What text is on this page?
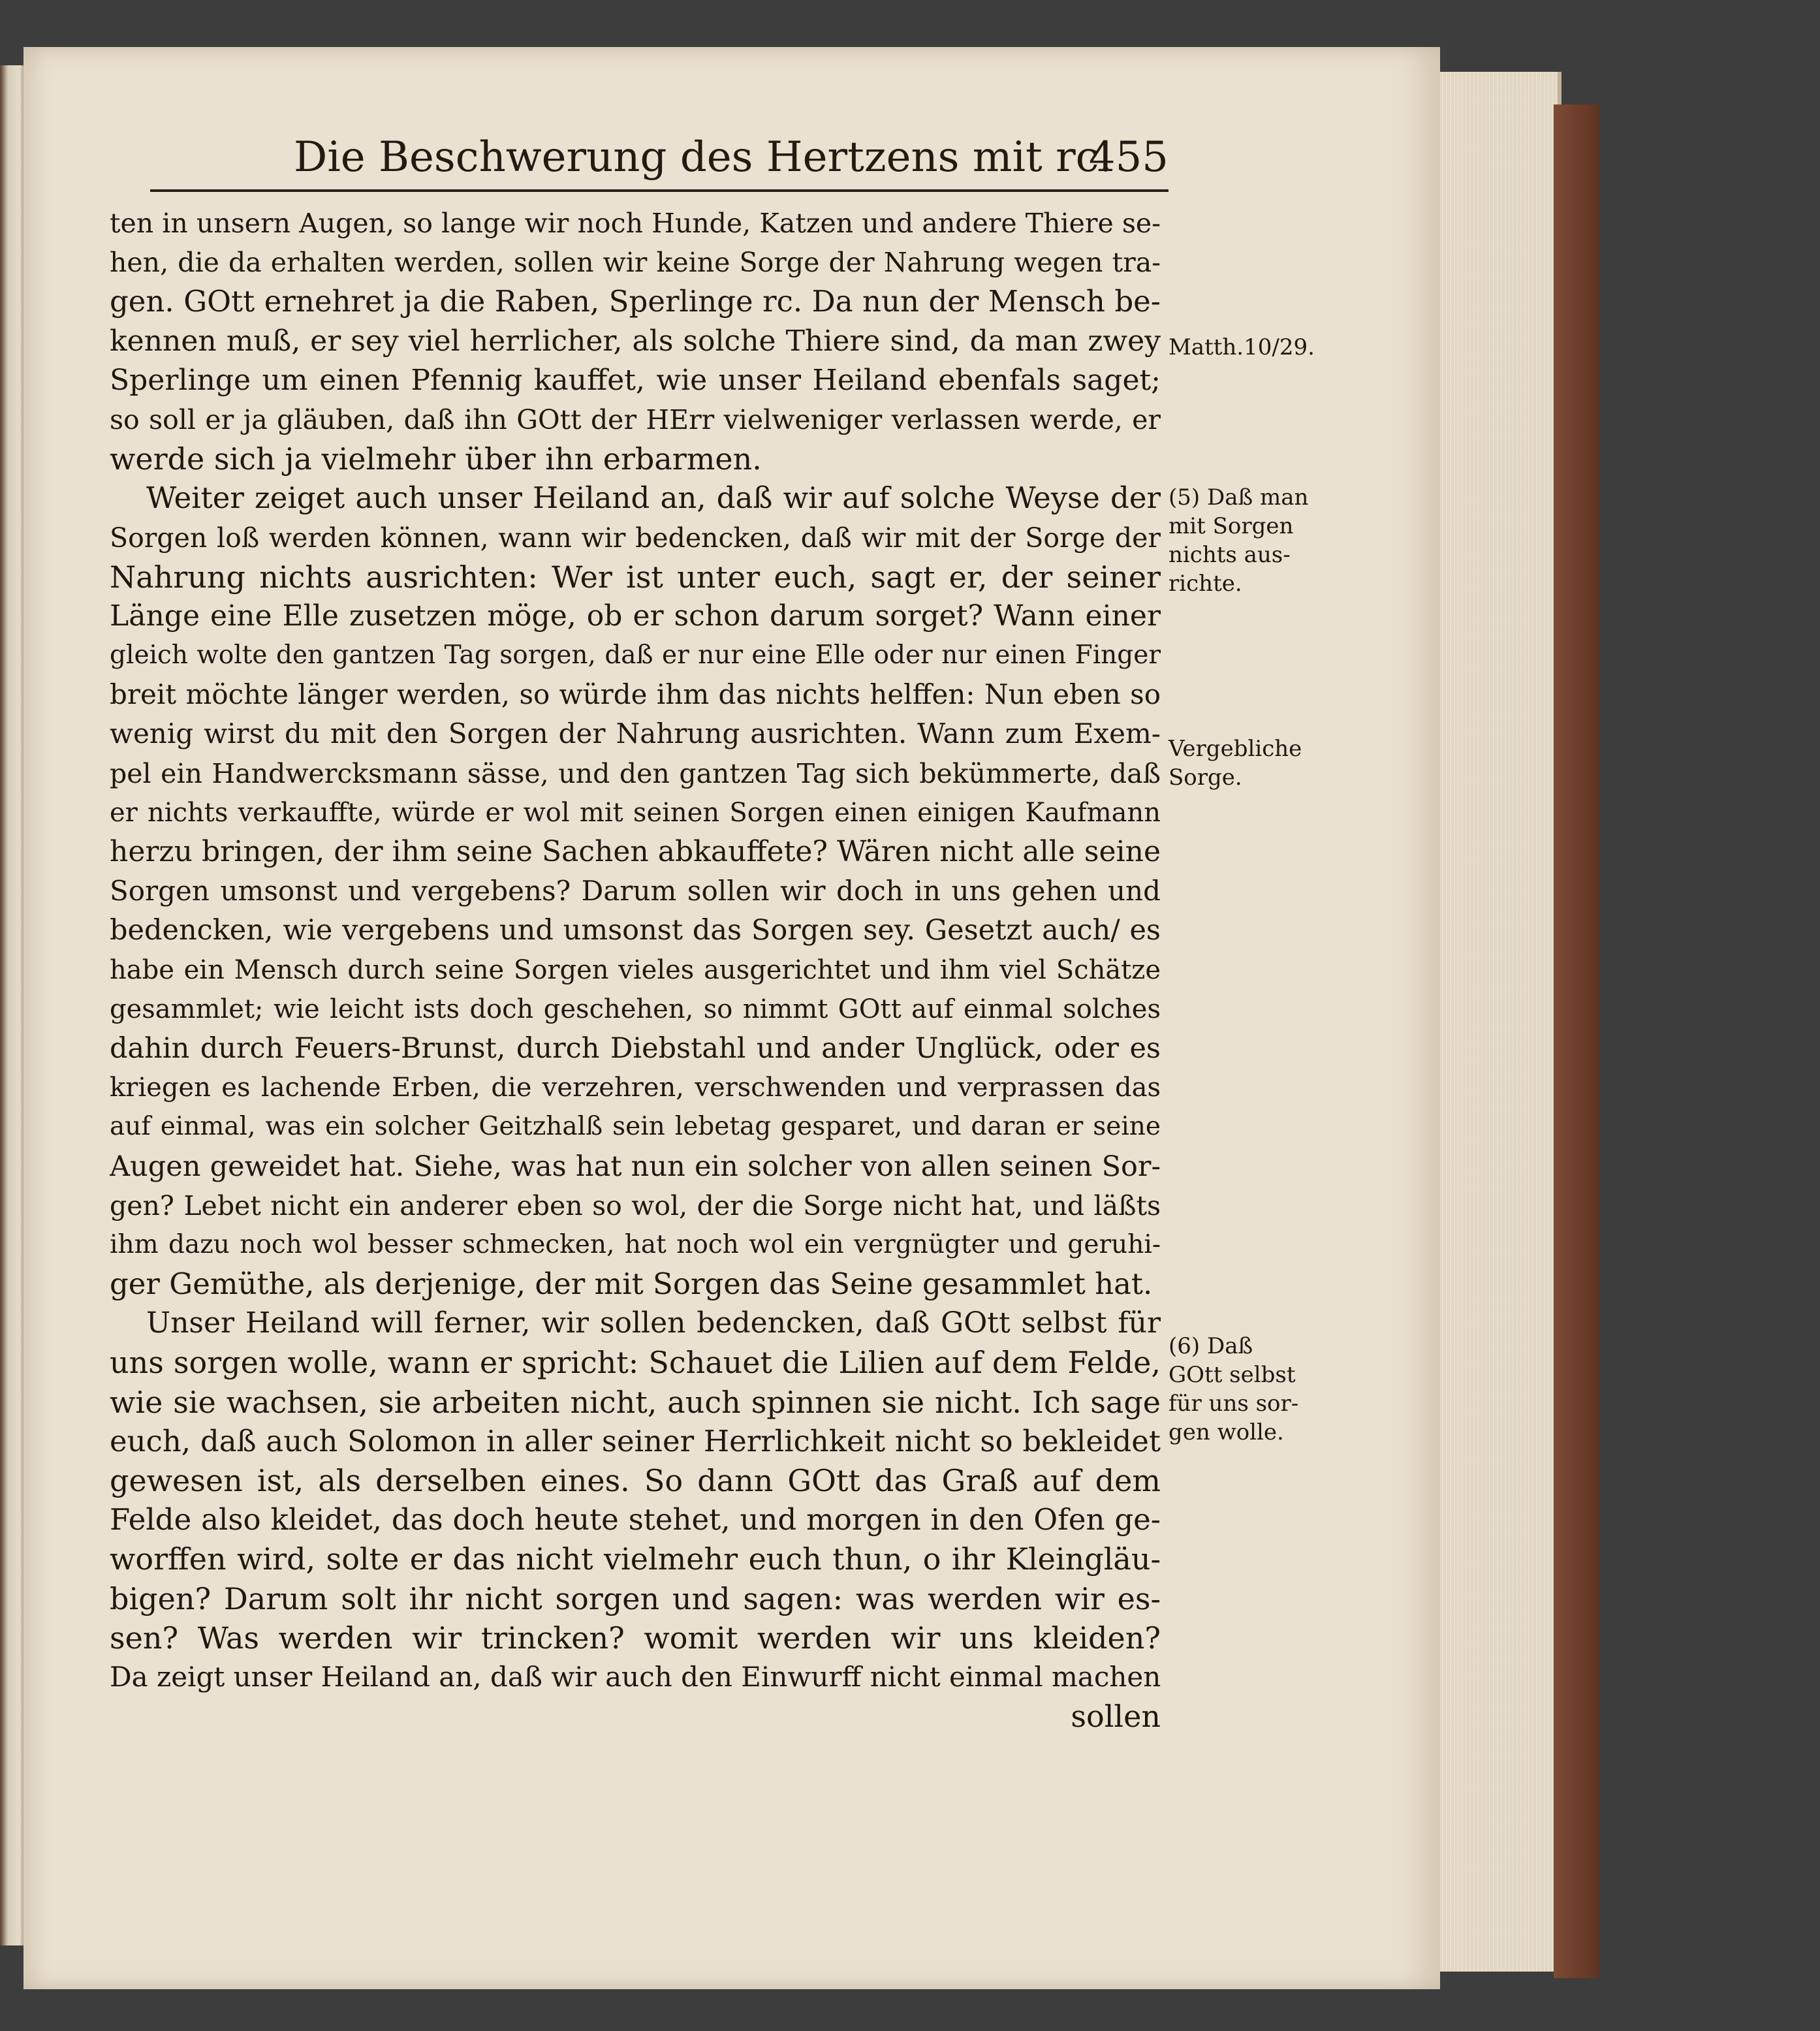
Die Beschwerung des Hertzens mit rc.
455
ten in unsern Augen, so lange wir noch Hunde, Katzen und andere Thiere se-
hen, die da erhalten werden, sollen wir keine Sorge der Nahrung wegen tra-
gen. GOtt ernehret ja die Raben, Sperlinge rc. Da nun der Mensch be-
kennen muß, er sey viel herrlicher, als solche Thiere sind, da man zwey
Sperlinge um einen Pfennig kauffet, wie unser Heiland ebenfals saget;
so soll er ja gläuben, daß ihn GOtt der HErr vielweniger verlassen werde, er
werde sich ja vielmehr über ihn erbarmen.
Weiter zeiget auch unser Heiland an, daß wir auf solche Weyse der
Sorgen loß werden können, wann wir bedencken, daß wir mit der Sorge der
Nahrung nichts ausrichten: Wer ist unter euch, sagt er, der seiner
Länge eine Elle zusetzen möge, ob er schon darum sorget? Wann einer
gleich wolte den gantzen Tag sorgen, daß er nur eine Elle oder nur einen Finger
breit möchte länger werden, so würde ihm das nichts helffen: Nun eben so
wenig wirst du mit den Sorgen der Nahrung ausrichten. Wann zum Exem-
pel ein Handwercksmann sässe, und den gantzen Tag sich bekümmerte, daß
er nichts verkauffte, würde er wol mit seinen Sorgen einen einigen Kaufmann
herzu bringen, der ihm seine Sachen abkauffete? Wären nicht alle seine
Sorgen umsonst und vergebens? Darum sollen wir doch in uns gehen und
bedencken, wie vergebens und umsonst das Sorgen sey. Gesetzt auch/ es
habe ein Mensch durch seine Sorgen vieles ausgerichtet und ihm viel Schätze
gesammlet; wie leicht ists doch geschehen, so nimmt GOtt auf einmal solches
dahin durch Feuers-Brunst, durch Diebstahl und ander Unglück, oder es
kriegen es lachende Erben, die verzehren, verschwenden und verprassen das
auf einmal, was ein solcher Geitzhalß sein lebetag gesparet, und daran er seine
Augen geweidet hat. Siehe, was hat nun ein solcher von allen seinen Sor-
gen? Lebet nicht ein anderer eben so wol, der die Sorge nicht hat, und läßts
ihm dazu noch wol besser schmecken, hat noch wol ein vergnügter und geruhi-
ger Gemüthe, als derjenige, der mit Sorgen das Seine gesammlet hat.
Unser Heiland will ferner, wir sollen bedencken, daß GOtt selbst für
uns sorgen wolle, wann er spricht: Schauet die Lilien auf dem Felde,
wie sie wachsen, sie arbeiten nicht, auch spinnen sie nicht. Ich sage
euch, daß auch Solomon in aller seiner Herrlichkeit nicht so bekleidet
gewesen ist, als derselben eines. So dann GOtt das Graß auf dem
Felde also kleidet, das doch heute stehet, und morgen in den Ofen ge-
worffen wird, solte er das nicht vielmehr euch thun, o ihr Kleingläu-
bigen? Darum solt ihr nicht sorgen und sagen: was werden wir es-
sen? Was werden wir trincken? womit werden wir uns kleiden?
Da zeigt unser Heiland an, daß wir auch den Einwurff nicht einmal machen
sollen
Matth.10/29.
(5) Daß man
mit Sorgen
nichts aus-
richte.
Vergebliche
Sorge.
(6) Daß
GOtt selbst
für uns sor-
gen wolle.
